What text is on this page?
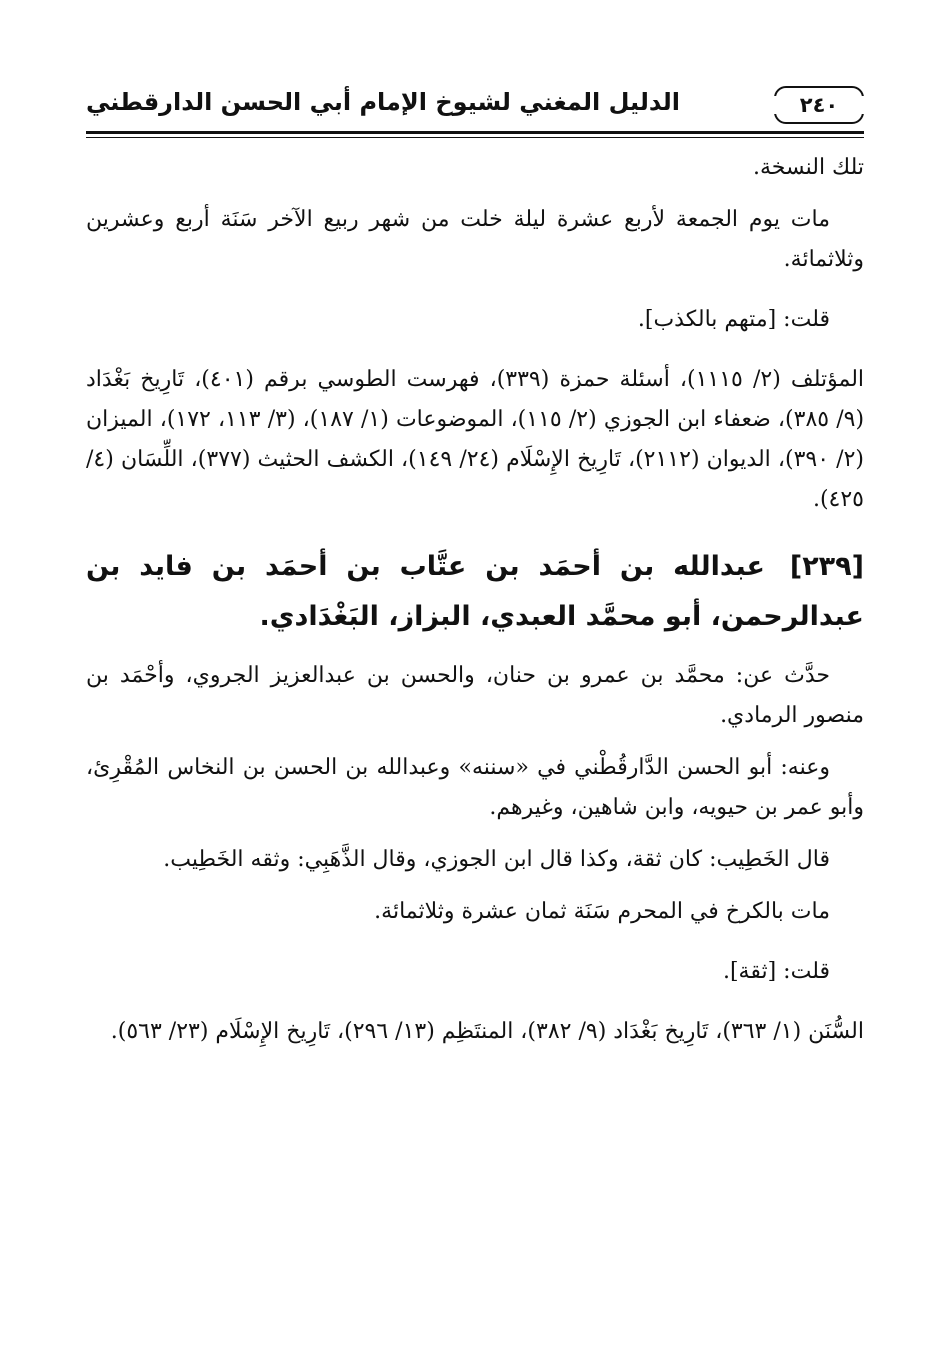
٢٤٠
الدليل المغني لشيوخ الإمام أبي الحسن الدارقطني

تلك النسخة.

مات يوم الجمعة لأربع عشرة ليلة خلت من شهر ربيع الآخر سَنَة أربع وعشرين وثلاثمائة.

قلت: [متهم بالكذب].

المؤتلف (٢/ ١١١٥)، أسئلة حمزة (٣٣٩)، فهرست الطوسي برقم (٤٠١)، تَارِيخ بَغْدَاد (٩/ ٣٨٥)، ضعفاء ابن الجوزي (٢/ ١١٥)، الموضوعات (١/ ١٨٧)، (٣/ ١١٣، ١٧٢)، الميزان (٢/ ٣٩٠)، الديوان (٢١١٢)، تَارِيخ الإِسْلَام (٢٤/ ١٤٩)، الكشف الحثيث (٣٧٧)، اللِّسَان (٤/ ٤٢٥).

[٢٣٩] عبدالله بن أحمَد بن عتَّاب بن أحمَد بن فايد بن عبدالرحمن، أبو محمَّد العبدي، البزاز، البَغْدَادي.

حدَّث عن: محمَّد بن عمرو بن حنان، والحسن بن عبدالعزيز الجروي، وأحْمَد بن منصور الرمادي.

وعنه: أبو الحسن الدَّارقُطْني في «سننه» وعبدالله بن الحسن بن النخاس المُقْرِئ، وأبو عمر بن حيويه، وابن شاهين، وغيرهم.

قال الخَطِيب: كان ثقة، وكذا قال ابن الجوزي، وقال الذَّهَبِي: وثقه الخَطِيب.

مات بالكرخ في المحرم سَنَة ثمان عشرة وثلاثمائة.

قلت: [ثقة].

السُّنَن (١/ ٣٦٣)، تَارِيخ بَغْدَاد (٩/ ٣٨٢)، المنتَظِم (١٣/ ٢٩٦)، تَارِيخ الإِسْلَام (٢٣/ ٥٦٣).
